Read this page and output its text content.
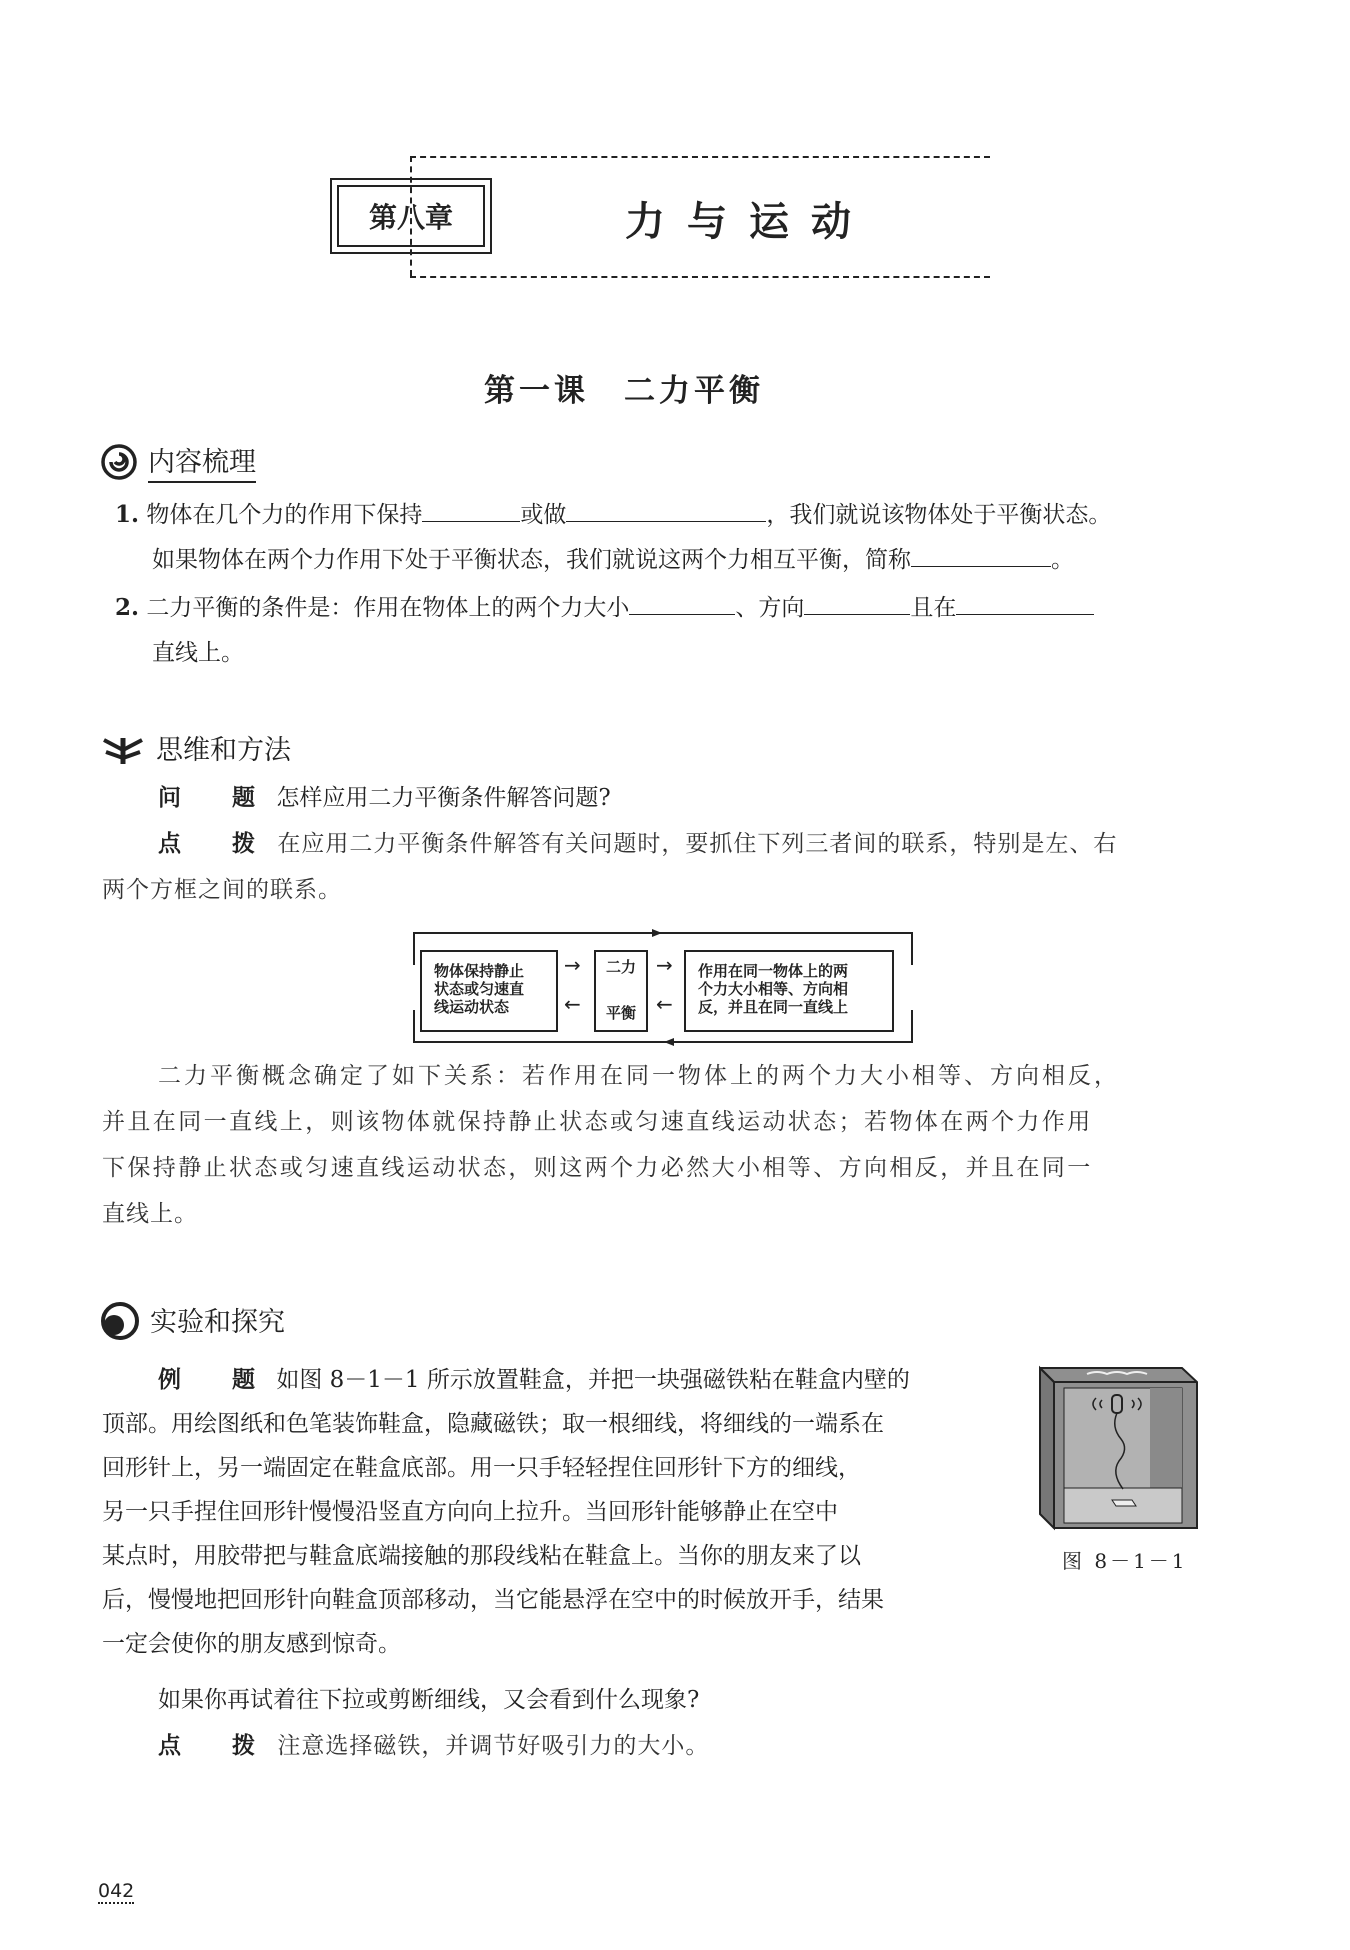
第八章	力与运动
第一课　二力平衡
内容梳理
1. 物体在几个力的作用下保持	或做	，我们就说该物体处于平衡状态。
如果物体在两个力作用下处于平衡状态，我们就说这两个力相互平衡，简称	。
2. 二力平衡的条件是：作用在物体上的两个力大小	、方向	且在
直线上。
思维和方法
问　题 怎样应用二力平衡条件解答问题?
点　拨 在应用二力平衡条件解答有关问题时，要抓住下列三者间的联系，特别是左、右
两个方框之间的联系。
物体保持静止
状态或匀速直
线运动状态
二力
平衡
作用在同一物体上的两
个力大小相等、方向相
反，并且在同一直线上
→
←
→
←
二力平衡概念确定了如下关系：若作用在同一物体上的两个力大小相等、方向相反，
并且在同一直线上，则该物体就保持静止状态或匀速直线运动状态；若物体在两个力作用
下保持静止状态或匀速直线运动状态，则这两个力必然大小相等、方向相反，并且在同一
直线上。
实验和探究
例　题 如图 8－1－1 所示放置鞋盒，并把一块强磁铁粘在鞋盒内壁的
顶部。用绘图纸和色笔装饰鞋盒，隐藏磁铁；取一根细线，将细线的一端系在
回形针上，另一端固定在鞋盒底部。用一只手轻轻捏住回形针下方的细线，
另一只手捏住回形针慢慢沿竖直方向向上拉升。当回形针能够静止在空中
某点时，用胶带把与鞋盒底端接触的那段线粘在鞋盒上。当你的朋友来了以
后，慢慢地把回形针向鞋盒顶部移动，当它能悬浮在空中的时候放开手，结果
一定会使你的朋友感到惊奇。
如果你再试着往下拉或剪断细线，又会看到什么现象?
点　拨 注意选择磁铁，并调节好吸引力的大小。
图 8－1－1
042
